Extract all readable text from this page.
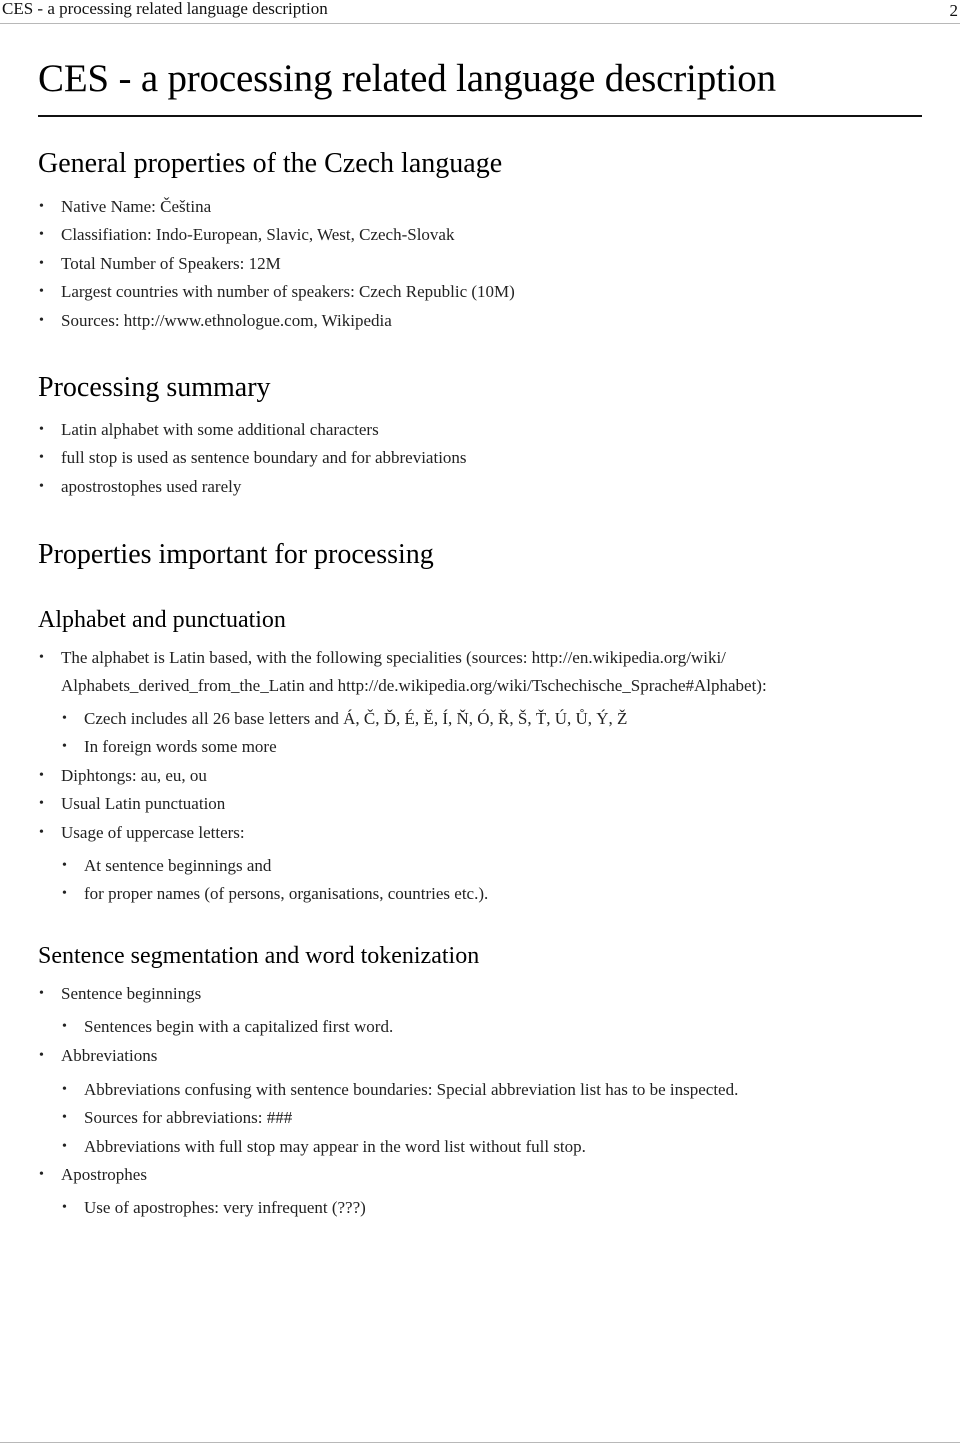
CES - a processing related language description	2
CES - a processing related language description
General properties of the Czech language
• Native Name: Čeština
• Classifiation: Indo-European, Slavic, West, Czech-Slovak
• Total Number of Speakers: 12M
• Largest countries with number of speakers: Czech Republic (10M)
• Sources: http://www.ethnologue.com, Wikipedia
Processing summary
• Latin alphabet with some additional characters
• full stop is used as sentence boundary and for abbreviations
• apostrostophes used rarely
Properties important for processing
Alphabet and punctuation
• The alphabet is Latin based, with the following specialities (sources: http://en.wikipedia.org/wiki/
Alphabets_derived_from_the_Latin and http://de.wikipedia.org/wiki/Tschechische_Sprache#Alphabet):
• Czech includes all 26 base letters and Á, Č, Ď, É, Ě, Í, Ň, Ó, Ř, Š, Ť, Ú, Ů, Ý, Ž
• In foreign words some more
• Diphtongs: au, eu, ou
• Usual Latin punctuation
• Usage of uppercase letters:
• At sentence beginnings and
• for proper names (of persons, organisations, countries etc.).
Sentence segmentation and word tokenization
• Sentence beginnings
• Sentences begin with a capitalized first word.
• Abbreviations
• Abbreviations confusing with sentence boundaries: Special abbreviation list has to be inspected.
• Sources for abbreviations: ###
• Abbreviations with full stop may appear in the word list without full stop.
• Apostrophes
• Use of apostrophes: very infrequent (???)
